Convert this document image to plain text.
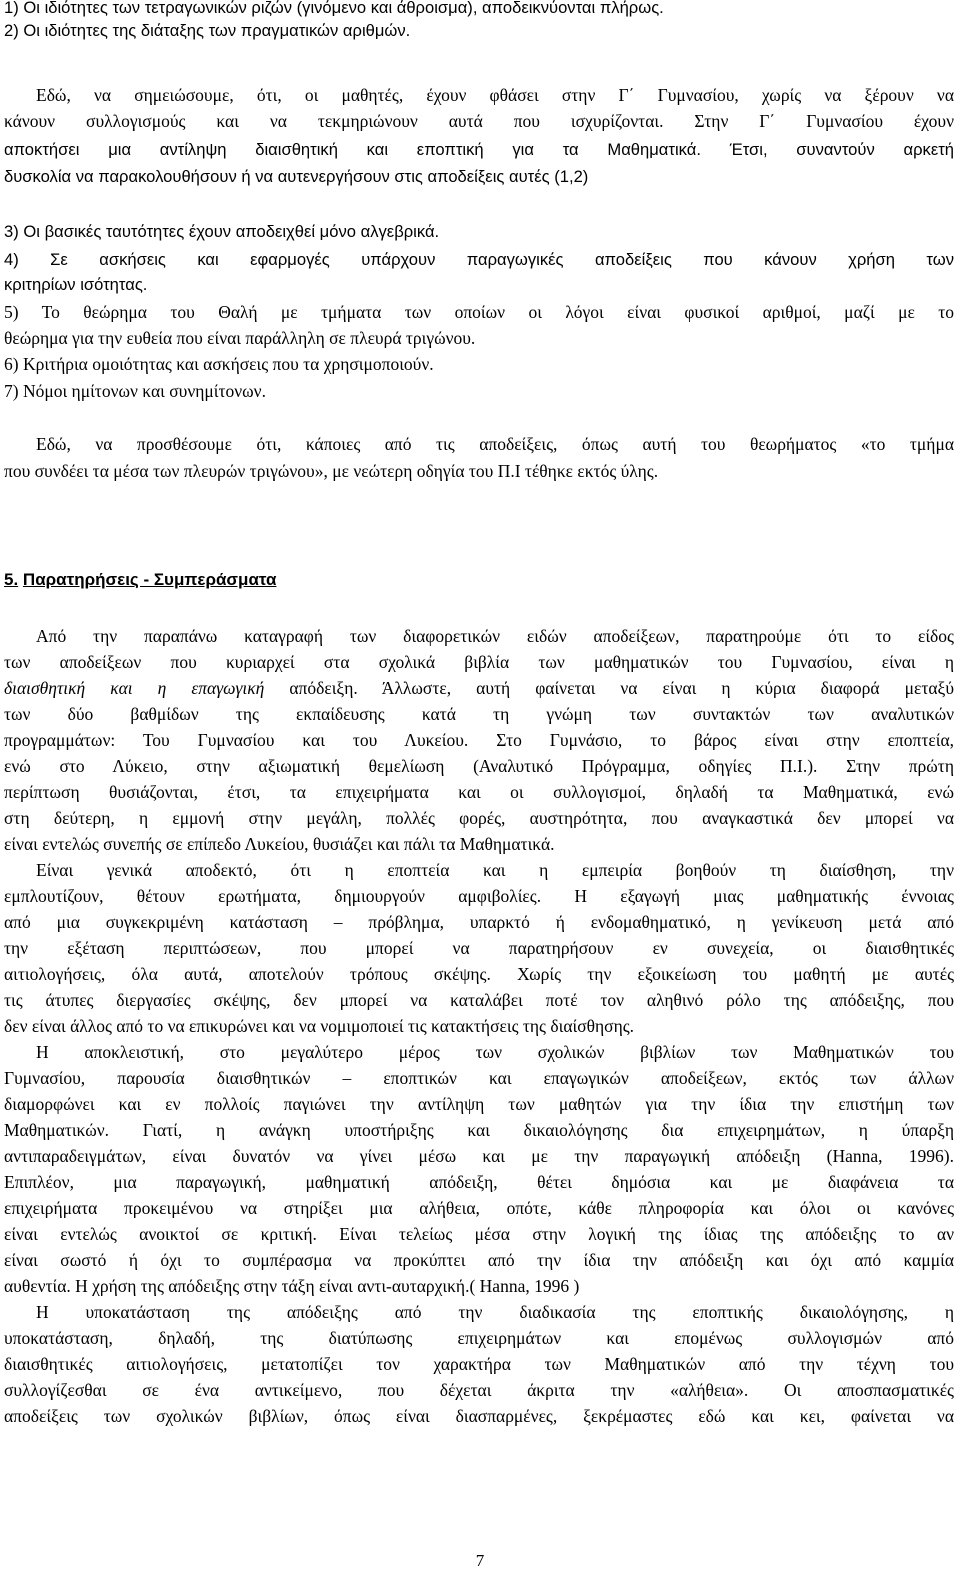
1) Οι ιδιότητες των τετραγωνικών ριζών (γινόμενο και άθροισμα), αποδεικνύονται πλήρως.
2) Οι ιδιότητες της διάταξης των πραγματικών αριθμών.
Εδώ, να σημειώσουμε, ότι, οι μαθητές, έχουν φθάσει στην Γ΄ Γυμνασίου, χωρίς να ξέρουν να
κάνουν συλλογισμούς και να τεκμηριώνουν αυτά που ισχυρίζονται. Στην Γ΄ Γυμνασίου έχουν
αποκτήσει μια αντίληψη διαισθητική και εποπτική για τα Μαθηματικά. Έτσι, συναντούν αρκετή
δυσκολία να παρακολουθήσουν ή να αυτενεργήσουν στις αποδείξεις αυτές (1,2)
3) Οι βασικές ταυτότητες έχουν αποδειχθεί μόνο αλγεβρικά.
4) Σε ασκήσεις και εφαρμογές υπάρχουν παραγωγικές αποδείξεις που κάνουν χρήση των
κριτηρίων ισότητας.
5) Το θεώρημα του Θαλή με τμήματα των οποίων οι λόγοι είναι φυσικοί αριθμοί, μαζί με το
θεώρημα για την ευθεία που είναι παράλληλη σε πλευρά τριγώνου.
6) Κριτήρια ομοιότητας και ασκήσεις που τα χρησιμοποιούν.
7) Νόμοι ημίτονων και συνημίτονων.
Εδώ, να προσθέσουμε ότι, κάποιες από τις αποδείξεις, όπως αυτή του θεωρήματος «το τμήμα
που συνδέει τα μέσα των πλευρών τριγώνου», με νεώτερη οδηγία του Π.Ι τέθηκε εκτός ύλης.
5. Παρατηρήσεις - Συμπεράσματα
Από την παραπάνω καταγραφή των διαφορετικών ειδών αποδείξεων, παρατηρούμε ότι το είδος
των αποδείξεων που κυριαρχεί στα σχολικά βιβλία των μαθηματικών του Γυμνασίου, είναι η
διαισθητική και η επαγωγική απόδειξη. Άλλωστε, αυτή φαίνεται να είναι η κύρια διαφορά μεταξύ
των δύο βαθμίδων της εκπαίδευσης κατά τη γνώμη των συντακτών των αναλυτικών
προγραμμάτων: Του Γυμνασίου και του Λυκείου. Στο Γυμνάσιο, το βάρος είναι στην εποπτεία,
ενώ στο Λύκειο, στην αξιωματική θεμελίωση (Αναλυτικό Πρόγραμμα, οδηγίες Π.Ι.). Στην πρώτη
περίπτωση θυσιάζονται, έτσι, τα επιχειρήματα και οι συλλογισμοί, δηλαδή τα Μαθηματικά, ενώ
στη δεύτερη, η εμμονή στην μεγάλη, πολλές φορές, αυστηρότητα, που αναγκαστικά δεν μπορεί να
είναι εντελώς συνεπής σε επίπεδο Λυκείου, θυσιάζει και πάλι τα Μαθηματικά.
Είναι γενικά αποδεκτό, ότι η εποπτεία και η εμπειρία βοηθούν τη διαίσθηση, την
εμπλουτίζουν, θέτουν ερωτήματα, δημιουργούν αμφιβολίες. Η εξαγωγή μιας μαθηματικής έννοιας
από μια συγκεκριμένη κατάσταση – πρόβλημα, υπαρκτό ή ενδομαθηματικό, η γενίκευση μετά από
την εξέταση περιπτώσεων, που μπορεί να παρατηρήσουν εν συνεχεία, οι διαισθητικές
αιτιολογήσεις, όλα αυτά, αποτελούν τρόπους σκέψης. Χωρίς την εξοικείωση του μαθητή με αυτές
τις άτυπες διεργασίες σκέψης, δεν μπορεί να καταλάβει ποτέ τον αληθινό ρόλο της απόδειξης, που
δεν είναι άλλος από το να επικυρώνει και να νομιμοποιεί τις κατακτήσεις της διαίσθησης.
Η αποκλειστική, στο μεγαλύτερο μέρος των σχολικών βιβλίων των Μαθηματικών του
Γυμνασίου, παρουσία διαισθητικών – εποπτικών και επαγωγικών αποδείξεων, εκτός των άλλων
διαμορφώνει και εν πολλοίς παγιώνει την αντίληψη των μαθητών για την ίδια την επιστήμη των
Μαθηματικών. Γιατί, η ανάγκη υποστήριξης και δικαιολόγησης δια επιχειρημάτων, η ύπαρξη
αντιπαραδειγμάτων, είναι δυνατόν να γίνει μέσω και με την παραγωγική απόδειξη (Hanna, 1996).
Επιπλέον, μια παραγωγική, μαθηματική απόδειξη, θέτει δημόσια και με διαφάνεια τα
επιχειρήματα προκειμένου να στηρίξει μια αλήθεια, οπότε, κάθε πληροφορία και όλοι οι κανόνες
είναι εντελώς ανοικτοί σε κριτική. Είναι τελείως μέσα στην λογική της ίδιας της απόδειξης το αν
είναι σωστό ή όχι το συμπέρασμα να προκύπτει από την ίδια την απόδειξη και όχι από καμμία
αυθεντία. Η χρήση της απόδειξης στην τάξη είναι αντι-αυταρχική.( Hanna, 1996 )
Η υποκατάσταση της απόδειξης από την διαδικασία της εποπτικής δικαιολόγησης, η
υποκατάσταση, δηλαδή, της διατύπωσης επιχειρημάτων και επομένως συλλογισμών από
διαισθητικές αιτιολογήσεις, μετατοπίζει τον χαρακτήρα των Μαθηματικών από την τέχνη του
συλλογίζεσθαι σε ένα αντικείμενο, που δέχεται άκριτα την «αλήθεια». Οι αποσπασματικές
αποδείξεις των σχολικών βιβλίων, όπως είναι διασπαρμένες, ξεκρέμαστες εδώ και κει, φαίνεται να
7
